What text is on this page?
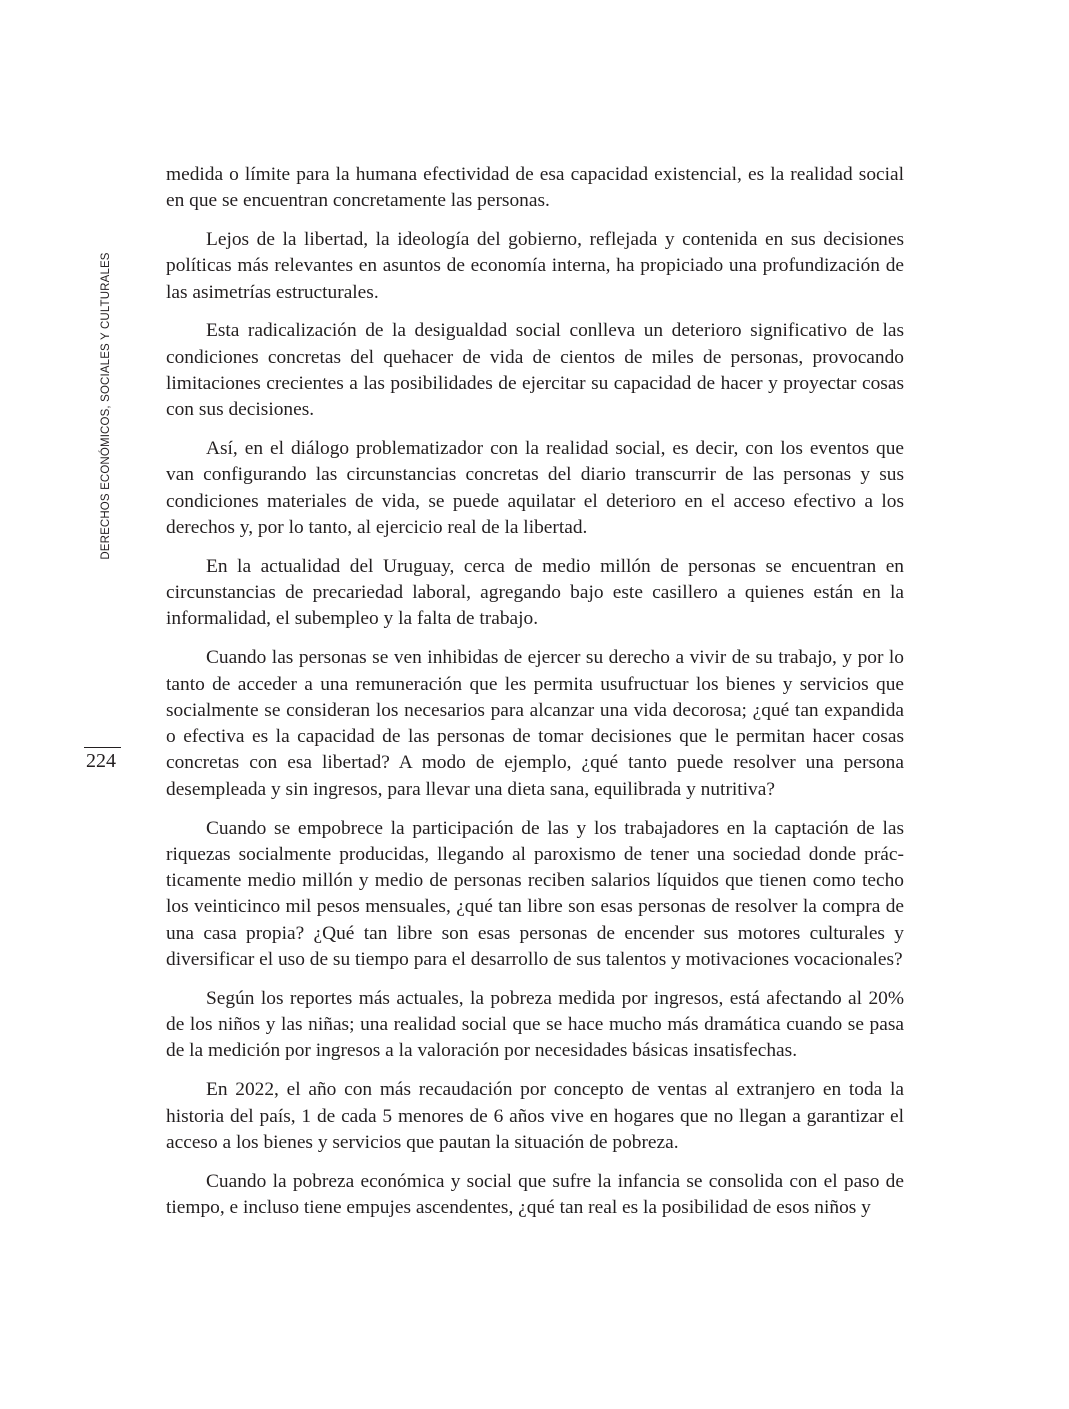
DERECHOS ECONÓMICOS, SOCIALES Y CULTURALES
224

medida o límite para la humana efectividad de esa capacidad existencial, es la realidad social en que se encuentran concretamente las personas.

Lejos de la libertad, la ideología del gobierno, reflejada y contenida en sus decisiones políticas más relevantes en asuntos de economía interna, ha propiciado una profundización de las asimetrías estructurales.

Esta radicalización de la desigualdad social conlleva un deterioro significativo de las condiciones concretas del quehacer de vida de cientos de miles de personas, provocando limitaciones crecientes a las posibilidades de ejercitar su capacidad de hacer y proyectar cosas con sus decisiones.

Así, en el diálogo problematizador con la realidad social, es decir, con los eventos que van configurando las circunstancias concretas del diario transcurrir de las personas y sus condiciones materiales de vida, se puede aquilatar el deterioro en el acceso efectivo a los derechos y, por lo tanto, al ejercicio real de la libertad.

En la actualidad del Uruguay, cerca de medio millón de personas se encuentran en circunstancias de precariedad laboral, agregando bajo este casillero a quienes están en la informalidad, el subempleo y la falta de trabajo.

Cuando las personas se ven inhibidas de ejercer su derecho a vivir de su trabajo, y por lo tanto de acceder a una remuneración que les permita usufructuar los bienes y servicios que socialmente se consideran los necesarios para alcanzar una vida decorosa; ¿qué tan expandida o efectiva es la capacidad de las personas de tomar decisiones que le permitan hacer cosas concretas con esa libertad? A modo de ejemplo, ¿qué tanto puede resolver una persona desempleada y sin ingresos, para llevar una dieta sana, equilibrada y nutritiva?

Cuando se empobrece la participación de las y los trabajadores en la captación de las riquezas socialmente producidas, llegando al paroxismo de tener una sociedad donde prácticamente medio millón y medio de personas reciben salarios líquidos que tienen como techo los veinticinco mil pesos mensuales, ¿qué tan libre son esas personas de resolver la compra de una casa propia? ¿Qué tan libre son esas personas de encender sus motores culturales y diversificar el uso de su tiempo para el desarrollo de sus talentos y motivaciones vocacionales?

Según los reportes más actuales, la pobreza medida por ingresos, está afectando al 20% de los niños y las niñas; una realidad social que se hace mucho más dramática cuando se pasa de la medición por ingresos a la valoración por necesidades básicas insatisfechas.

En 2022, el año con más recaudación por concepto de ventas al extranjero en toda la historia del país, 1 de cada 5 menores de 6 años vive en hogares que no llegan a garantizar el acceso a los bienes y servicios que pautan la situación de pobreza.

Cuando la pobreza económica y social que sufre la infancia se consolida con el paso de tiempo, e incluso tiene empujes ascendentes, ¿qué tan real es la posibilidad de esos niños y
